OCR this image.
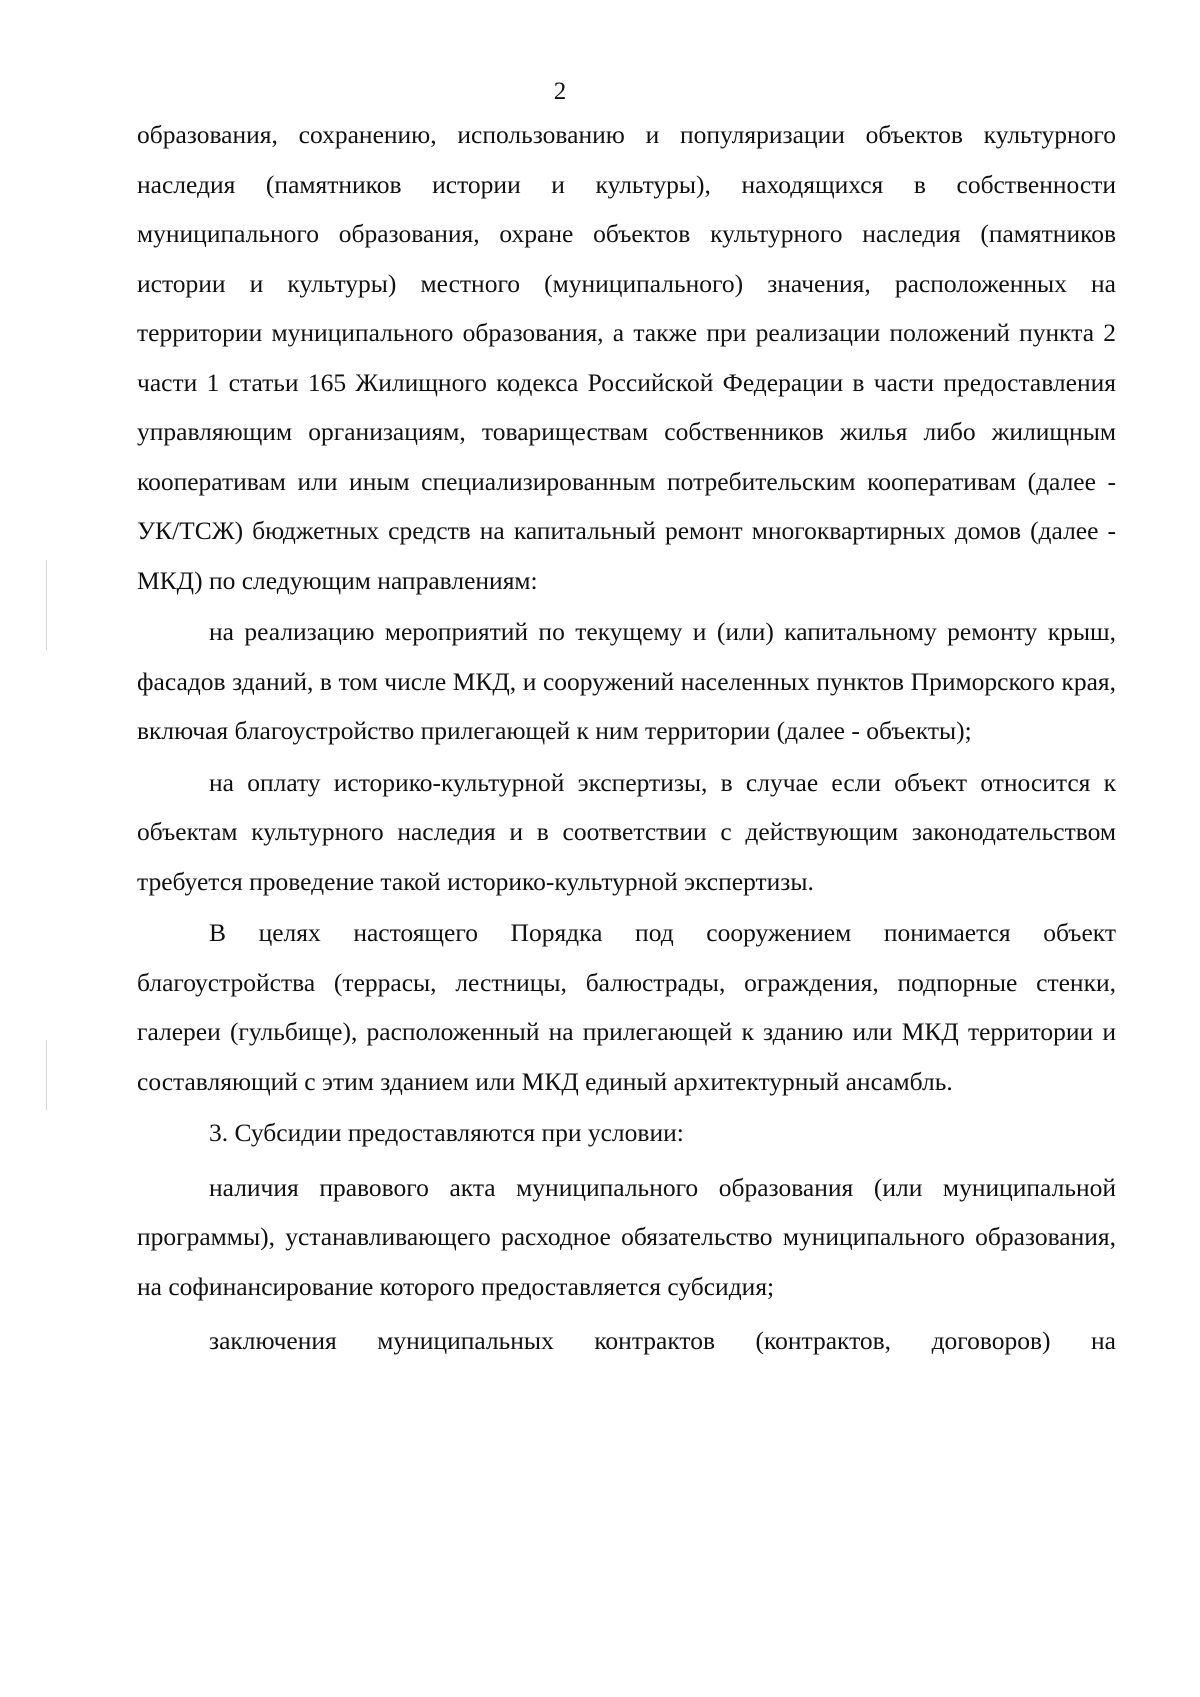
2

образования, сохранению, использованию и популяризации объектов культурного наследия (памятников истории и культуры), находящихся в собственности муниципального образования, охране объектов культурного наследия (памятников истории и культуры) местного (муниципального) значения, расположенных на территории муниципального образования, а также при реализации положений пункта 2 части 1 статьи 165 Жилищного кодекса Российской Федерации в части предоставления управляющим организациям, товариществам собственников жилья либо жилищным кооперативам или иным специализированным потребительским кооперативам (далее - УК/ТСЖ) бюджетных средств на капитальный ремонт многоквартирных домов (далее - МКД) по следующим направлениям:

на реализацию мероприятий по текущему и (или) капитальному ремонту крыш, фасадов зданий, в том числе МКД, и сооружений населенных пунктов Приморского края, включая благоустройство прилегающей к ним территории (далее - объекты);

на оплату историко-культурной экспертизы, в случае если объект относится к объектам культурного наследия и в соответствии с действующим законодательством требуется проведение такой историко-культурной экспертизы.

В целях настоящего Порядка под сооружением понимается объект благоустройства (террасы, лестницы, балюстрады, ограждения, подпорные стенки, галереи (гульбище), расположенный на прилегающей к зданию или МКД территории и составляющий с этим зданием или МКД единый архитектурный ансамбль.

3. Субсидии предоставляются при условии:

наличия правового акта муниципального образования (или муниципальной программы), устанавливающего расходное обязательство муниципального образования, на софинансирование которого предоставляется субсидия;

заключения муниципальных контрактов (контрактов, договоров) на
